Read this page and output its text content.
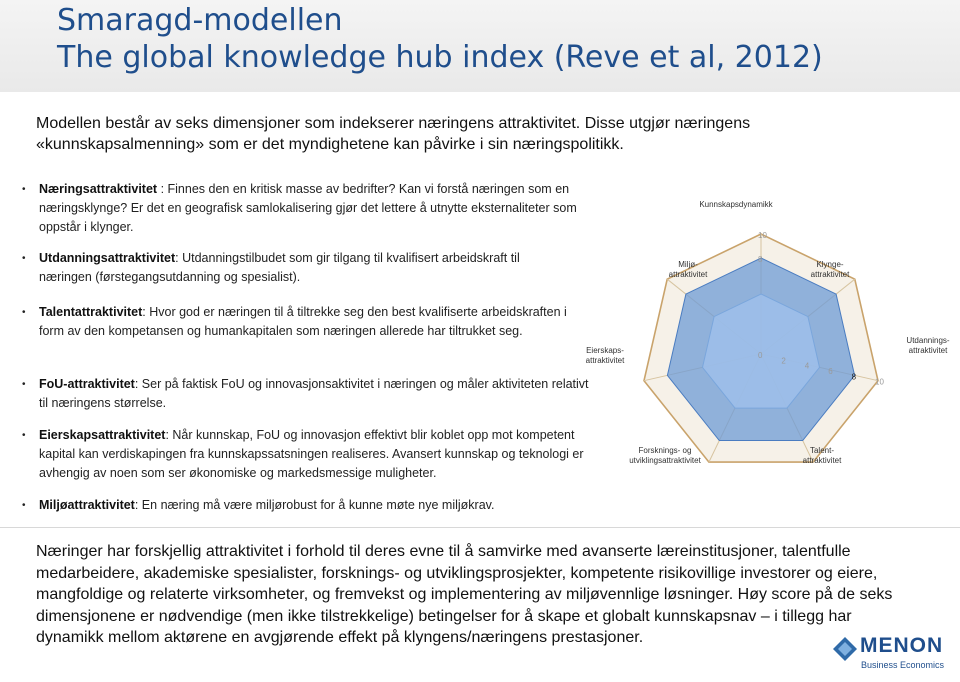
Smaragd-modellen
The global knowledge hub index (Reve et al, 2012)
Modellen består av seks dimensjoner som indekserer næringens attraktivitet. Disse utgjør næringens «kunnskapsalmenning» som er det myndighetene kan påvirke i sin næringspolitikk.
• Næringsattraktivitet : Finnes den en kritisk masse av bedrifter? Kan vi forstå næringen som en næringsklynge? Er det en geografisk samlokalisering gjør det lettere å utnytte eksternaliteter som oppstår i klynger.
• Utdanningsattraktivitet: Utdanningstilbudet som gir tilgang til kvalifisert arbeidskraft til næringen (førstegangsutdanning og spesialist).
• Talentattraktivitet: Hvor god er næringen til å tiltrekke seg den best kvalifiserte arbeidskraften i form av den kompetansen og humankapitalen som næringen allerede har tiltrukket seg.
• FoU-attraktivitet: Ser på faktisk FoU og innovasjonsaktivitet i næringen og måler aktiviteten relativt til næringens størrelse.
• Eierskapsattraktivitet: Når kunnskap, FoU og innovasjon effektivt blir koblet opp mot kompetent kapital kan verdiskapingen fra kunnskapssatsningen realiseres. Avansert kunnskap og teknologi er avhengig av noen som ser økonomiske og markedsmessige muligheter.
• Miljøattraktivitet: En næring må være miljørobust for å kunne møte nye miljøkrav.
0
2
4
6
8
10
8
10
Kunnskapsdynamikk
Klynge-
attraktivitet
Utdannings-
attraktivitet
Talent-
attraktivitet
Forsknings- og
utviklingsattraktivitet
Eierskaps-
attraktivitet
Miljø-
attraktivitet
Næringer har forskjellig attraktivitet i forhold til deres evne til å samvirke med avanserte læreinstitusjoner, talentfulle medarbeidere, akademiske spesialister, forsknings- og utviklingsprosjekter, kompetente risikovillige investorer og eiere, mangfoldige og relaterte virksomheter, og fremvekst og implementering av miljøvennlige løsninger. Høy score på de seks dimensjonene er nødvendige (men ikke tilstrekkelige) betingelser for å skape et globalt kunnskapsnav – i tillegg har dynamikk mellom aktørene en avgjørende effekt på klyngens/næringens prestasjoner.	MENON
Business Economics
